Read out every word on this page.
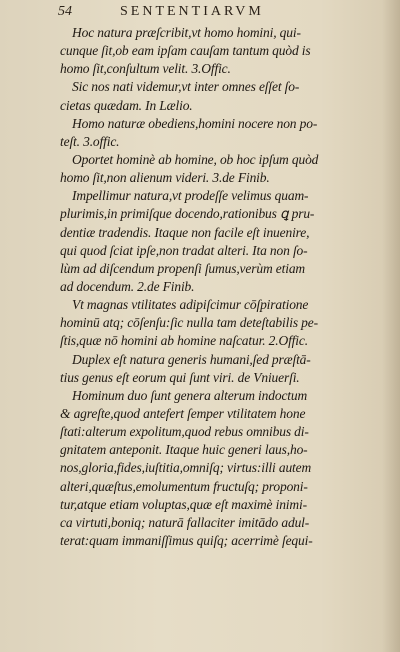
54	SENTENTIARVM
Hoc natura præſcribit,vt homo homini, qui-
cunque ſit,ob eam ipſam cauſam tantum quòd is
homo ſit,conſultum velit. 3.Offic.
Sic nos nati videmur,vt inter omnes eſſet ſo-
cietas quædam. In Lælio.
Homo naturæ obediens,homini nocere non po-
teſt. 3.offic.
Oportet hominè ab homine, ob hoc ipſum quòd
homo ſit,non alienum videri. 3.de Finib.
Impellimur natura,vt prodeſſe velimus quam-
plurimis,in primiſque docendo,rationibus ꝗ pru-
dentiæ tradendis. Itaque non facile eſt inuenire,
qui quod ſciat ipſe,non tradat alteri. Ita non ſo-
lùm ad diſcendum propenſi ſumus,verùm etiam
ad docendum. 2.de Finib.
Vt magnas vtilitates adipiſcimur cōſpiratione
hominū atq; cōſenſu:ſic nulla tam deteſtabilis pe-
ſtis,quæ nō homini ab homine naſcatur. 2.Offic.
Duplex eſt natura generis humani,ſed præſtā-
tius genus eſt eorum qui ſunt viri. de Vniuerſi.
Hominum duo ſunt genera alterum indoctum
& agreſte,quod antefert ſemper vtilitatem hone
ſtati:alterum expolitum,quod rebus omnibus di-
gnitatem anteponit. Itaque huic generi laus,ho-
nos,gloria,fides,iuſtitia,omniſq; virtus:illi autem
alteri,quæſtus,emolumentum fructuſq; proponi-
tur,atque etiam voluptas,quæ eſt maximè inimi-
ca virtuti,boniq; naturā fallaciter imitādo adul-
terat:quam immaniſſimus quiſq; acerrimè ſequi-
